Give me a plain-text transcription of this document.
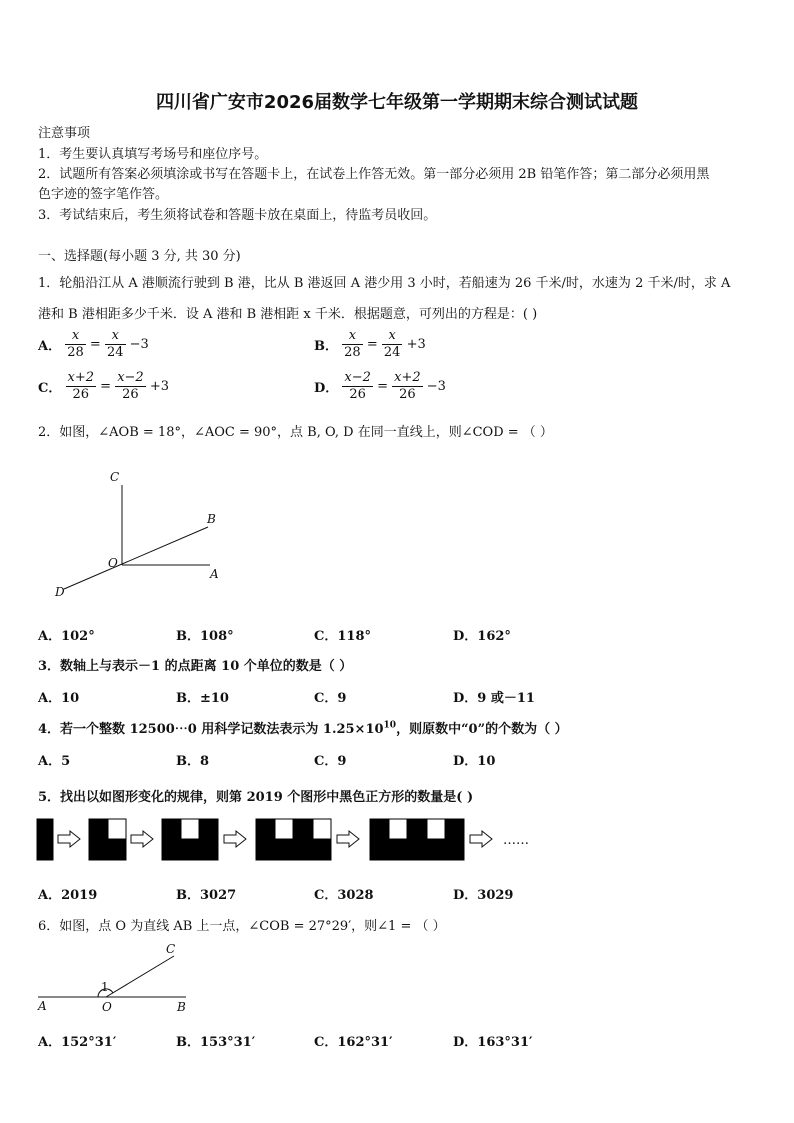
四川省广安市2026届数学七年级第一学期期末综合测试试题
注意事项
1．考生要认真填写考场号和座位序号。
2．试题所有答案必须填涂或书写在答题卡上，在试卷上作答无效。第一部分必须用 2B 铅笔作答；第二部分必须用黑
色字迹的签字笔作答。
3．考试结束后，考生须将试卷和答题卡放在桌面上，待监考员收回。
一、选择题(每小题 3 分, 共 30 分)
1．轮船沿江从 A 港顺流行驶到 B 港，比从 B 港返回 A 港少用 3 小时，若船速为 26 千米/时，水速为 2 千米/时，求 A
港和 B 港相距多少千米．设 A 港和 B 港相距 x 千米．根据题意，可列出的方程是：( )
A． $\frac{x}{28} = \frac{x}{24} -3$	B． $\frac{x}{28} = \frac{x}{24} +3$
C． $\frac{x+2}{26} = \frac{x-2}{26} +3$	D． $\frac{x-2}{26} = \frac{x+2}{26} -3$
2．如图，∠AOB = 18°，∠AOC = 90°，点 B, O, D 在同一直线上，则∠COD = （ ）
C
B
O
A
D
A．102°	B．108°	C．118°	D．162°
3．数轴上与表示－1 的点距离 10 个单位的数是（ ）
A．10	B．±10	C．9	D．9 或－11
4．若一个整数 12500⋯0 用科学记数法表示为 $1.25\times 10^{10}$，则原数中“0”的个数为（ ）
A．5	B．8	C．9	D．10
5．找出以如图形变化的规律，则第 2019 个图形中黑色正方形的数量是( )
……
A．2019	B．3027	C．3028	D．3029
6．如图，点 O 为直线 AB 上一点，∠COB = 27°29′，则∠1 = （ ）
C
1
A	O	B
A．152°31′	B．153°31′	C．162°31′	D．163°31′
